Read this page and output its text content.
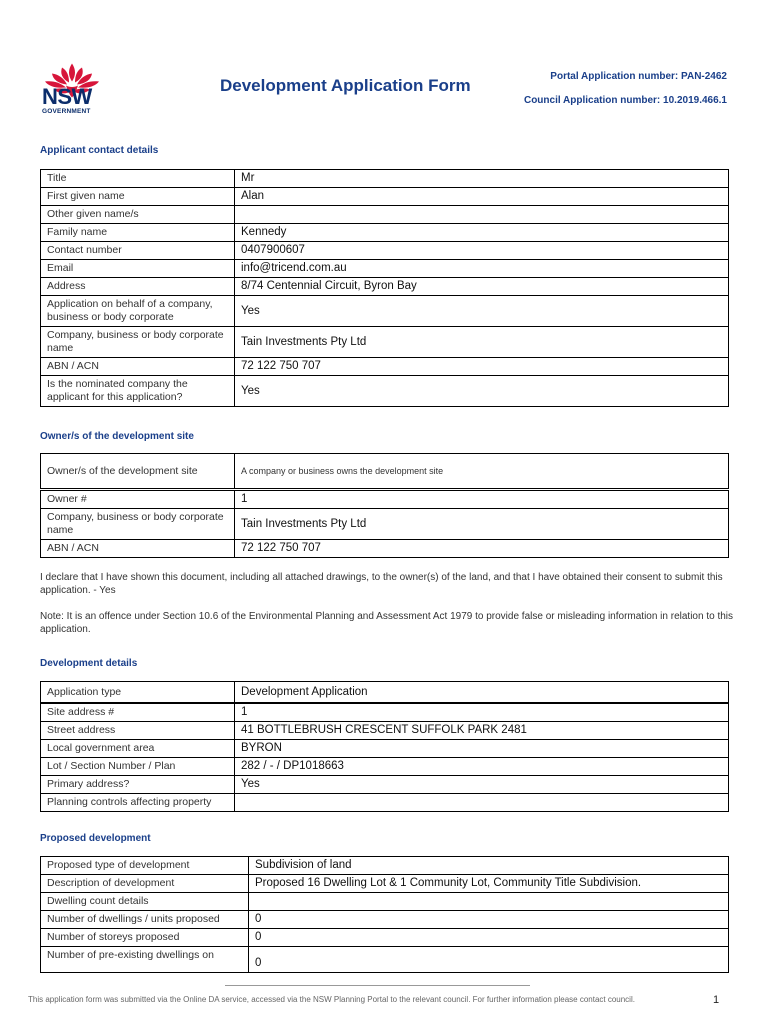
NSW
GOVERNMENT
Development Application Form	Portal Application number: PAN-2462
Council Application number: 10.2019.466.1
Applicant contact details
Title	Mr
First given name	Alan
Other given name/s	
Family name	Kennedy
Contact number	0407900607
Email	info@tricend.com.au
Address	8/74 Centennial Circuit, Byron Bay
Application on behalf of a company, business or body corporate	Yes
Company, business or body corporate name	Tain Investments Pty Ltd
ABN / ACN	72 122 750 707
Is the nominated company the applicant for this application?	Yes
Owner/s of the development site
Owner/s of the development site	A company or business owns the development site
Owner #	1
Company, business or body corporate name	Tain Investments Pty Ltd
ABN / ACN	72 122 750 707
I declare that I have shown this document, including all attached drawings, to the owner(s) of the land, and that I have obtained their consent to submit this application. - Yes
Note: It is an offence under Section 10.6 of the Environmental Planning and Assessment Act 1979 to provide false or misleading information in relation to this application.
Development details
Application type	Development Application
Site address #	1
Street address	41 BOTTLEBRUSH CRESCENT SUFFOLK PARK 2481
Local government area	BYRON
Lot / Section Number / Plan	282 / - / DP1018663
Primary address?	Yes
Planning controls affecting property	
Proposed development
Proposed type of development	Subdivision of land
Description of development	Proposed 16 Dwelling Lot & 1 Community Lot, Community Title Subdivision.
Dwelling count details	
Number of dwellings / units proposed	0
Number of storeys proposed	0
Number of pre-existing dwellings on	0
This application form was submitted via the Online DA service, accessed via the NSW Planning Portal to the relevant council. For further information please contact council.	1
